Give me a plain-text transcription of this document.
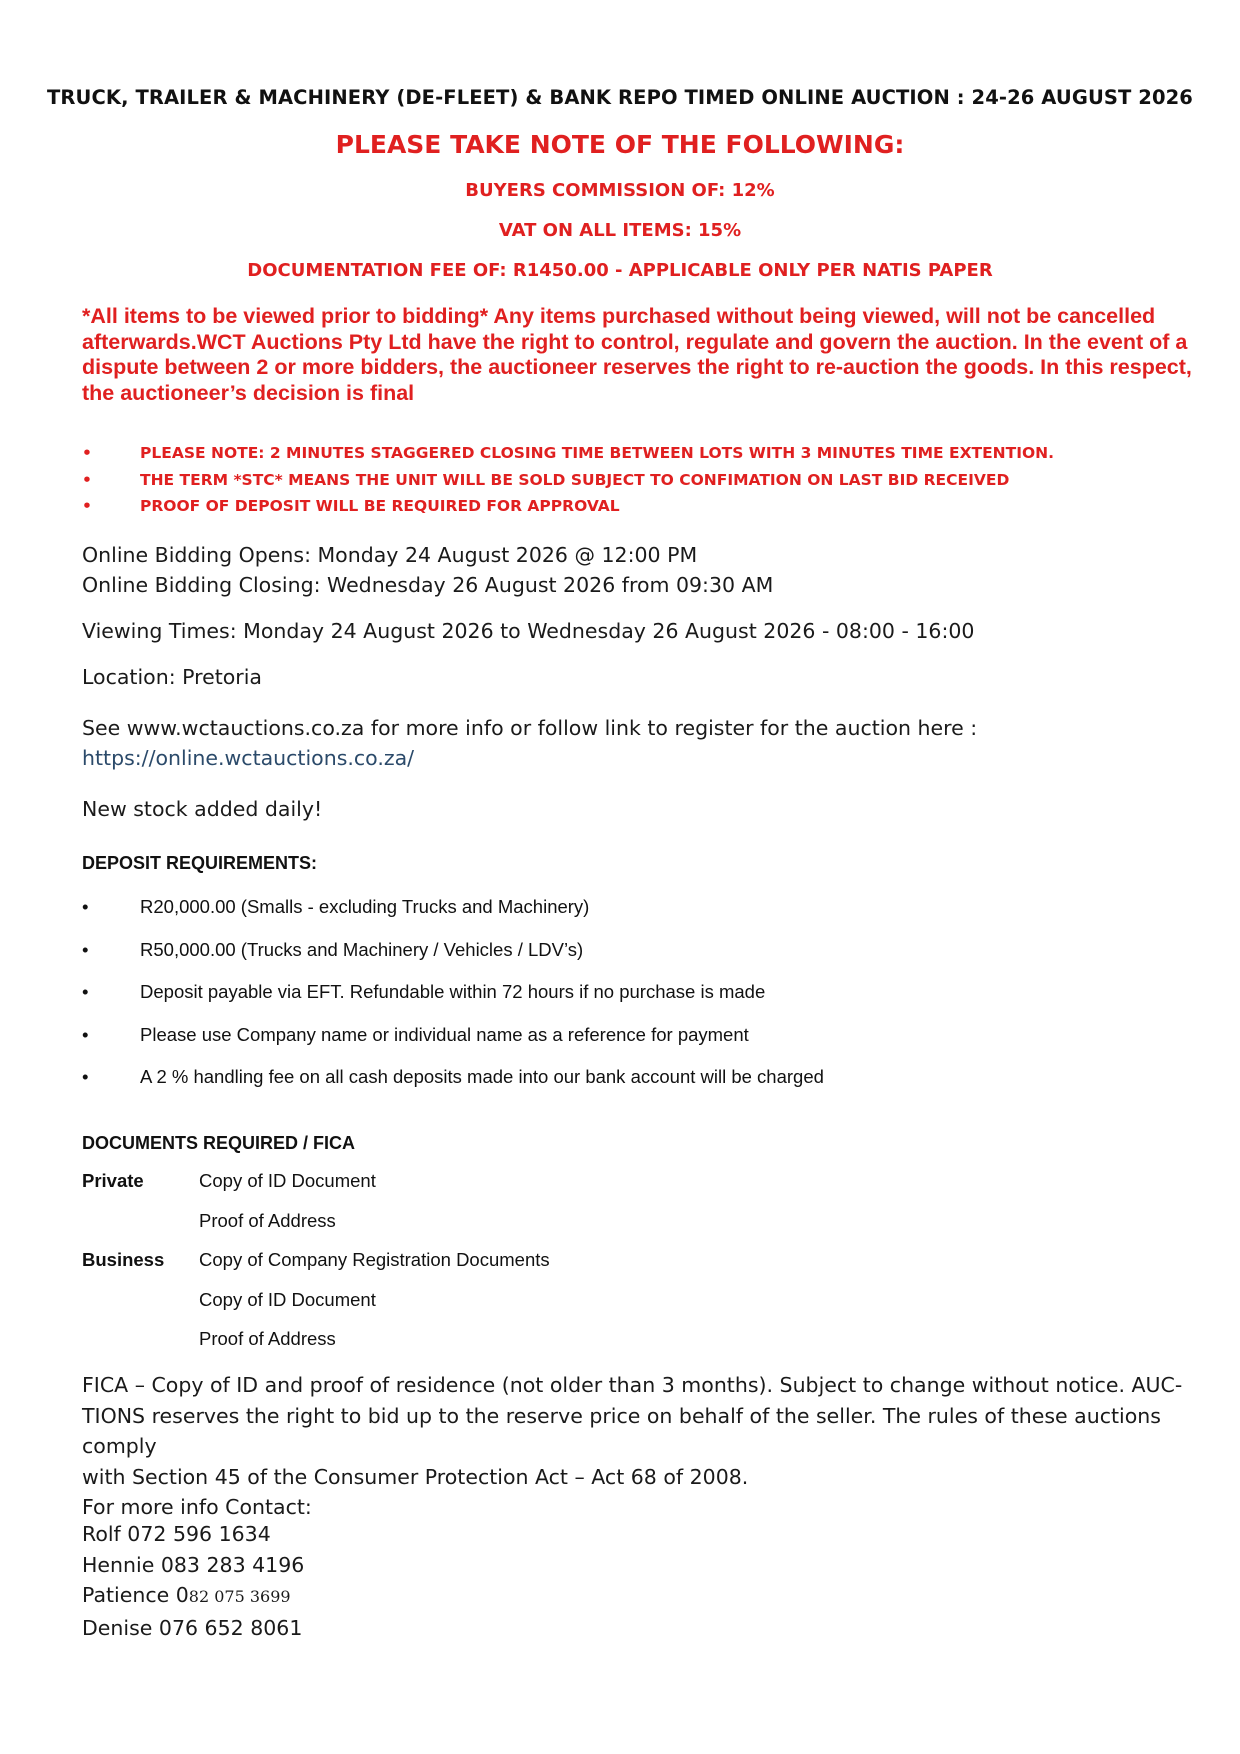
TRUCK, TRAILER & MACHINERY (DE-FLEET) & BANK REPO TIMED ONLINE AUCTION : 24-26 AUGUST 2026
PLEASE TAKE NOTE OF THE FOLLOWING:
BUYERS COMMISSION OF: 12%
VAT ON ALL ITEMS: 15%
DOCUMENTATION FEE OF: R1450.00 - APPLICABLE ONLY PER NATIS PAPER
*All items to be viewed prior to bidding* Any items purchased without being viewed, will not be cancelled afterwards.WCT Auctions Pty Ltd have the right to control, regulate and govern the auction. In the event of a dispute between 2 or more bidders, the auctioneer reserves the right to re-auction the goods. In this respect, the auctioneer’s decision is final
•	PLEASE NOTE: 2 MINUTES STAGGERED CLOSING TIME BETWEEN LOTS WITH 3 MINUTES TIME EXTENTION.
•	THE TERM *STC* MEANS THE UNIT WILL BE SOLD SUBJECT TO CONFIMATION ON LAST BID RECEIVED
•	PROOF OF DEPOSIT WILL BE REQUIRED FOR APPROVAL
Online Bidding Opens: Monday 24 August 2026 @ 12:00 PM
Online Bidding Closing: Wednesday 26 August 2026 from 09:30 AM
Viewing Times: Monday 24 August 2026 to Wednesday 26 August 2026 - 08:00 - 16:00
Location: Pretoria
See www.wctauctions.co.za for more info or follow link to register for the auction here :
https://online.wctauctions.co.za/
New stock added daily!
DEPOSIT REQUIREMENTS:
•	R20,000.00 (Smalls - excluding Trucks and Machinery)
•	R50,000.00 (Trucks and Machinery / Vehicles / LDV’s)
•	Deposit payable via EFT. Refundable within 72 hours if no purchase is made
•	Please use Company name or individual name as a reference for payment
•	A 2 % handling fee on all cash deposits made into our bank account will be charged
DOCUMENTS REQUIRED / FICA
Private	Copy of ID Document
Proof of Address
Business	Copy of Company Registration Documents
Copy of ID Document
Proof of Address
FICA – Copy of ID and proof of residence (not older than 3 months). Subject to change without notice. AUC-
TIONS reserves the right to bid up to the reserve price on behalf of the seller. The rules of these auctions comply
with Section 45 of the Consumer Protection Act – Act 68 of 2008.
For more info Contact:
Rolf 072 596 1634
Hennie 083 283 4196
Patience 082 075 3699
Denise 076 652 8061
